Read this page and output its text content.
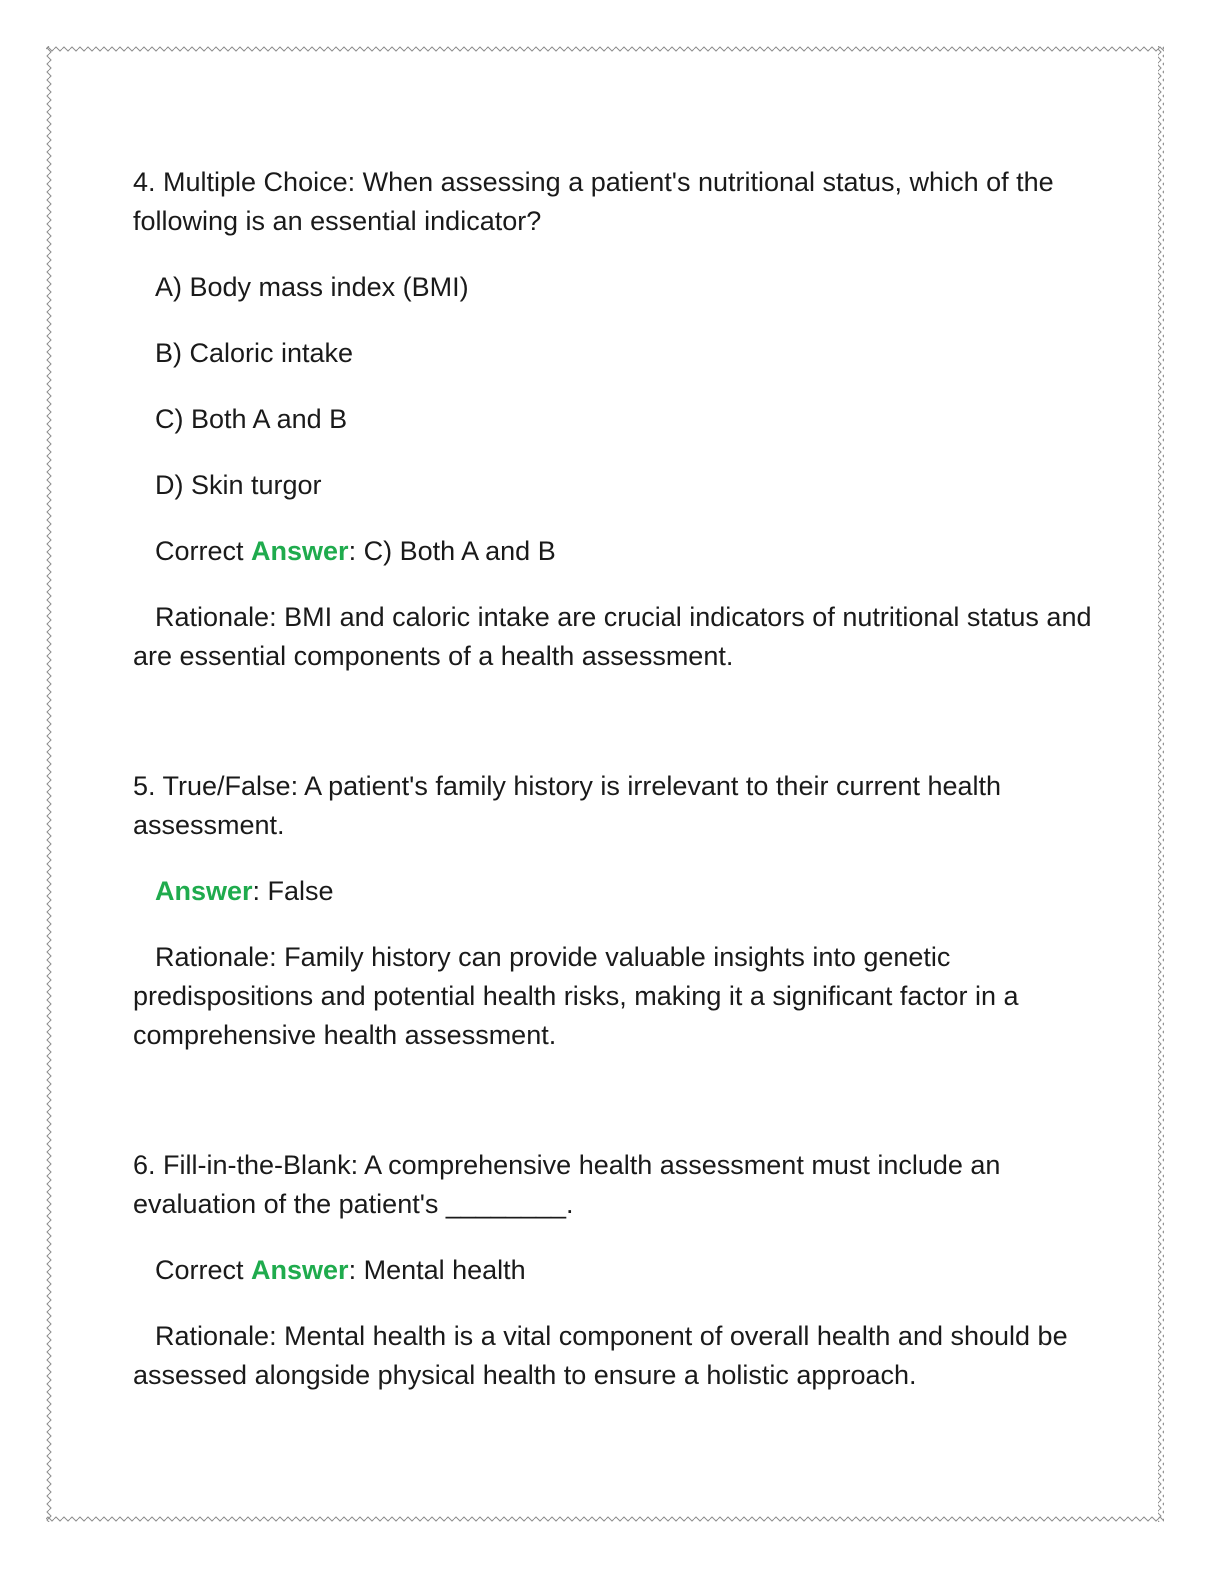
4. Multiple Choice: When assessing a patient's nutritional status, which of the following is an essential indicator?

A) Body mass index (BMI)

B) Caloric intake

C) Both A and B

D) Skin turgor

Correct Answer: C) Both A and B

Rationale: BMI and caloric intake are crucial indicators of nutritional status and are essential components of a health assessment.

5. True/False: A patient's family history is irrelevant to their current health assessment.

Answer: False

Rationale: Family history can provide valuable insights into genetic predispositions and potential health risks, making it a significant factor in a comprehensive health assessment.

6. Fill-in-the-Blank: A comprehensive health assessment must include an evaluation of the patient's ________.

Correct Answer: Mental health

Rationale: Mental health is a vital component of overall health and should be assessed alongside physical health to ensure a holistic approach.
